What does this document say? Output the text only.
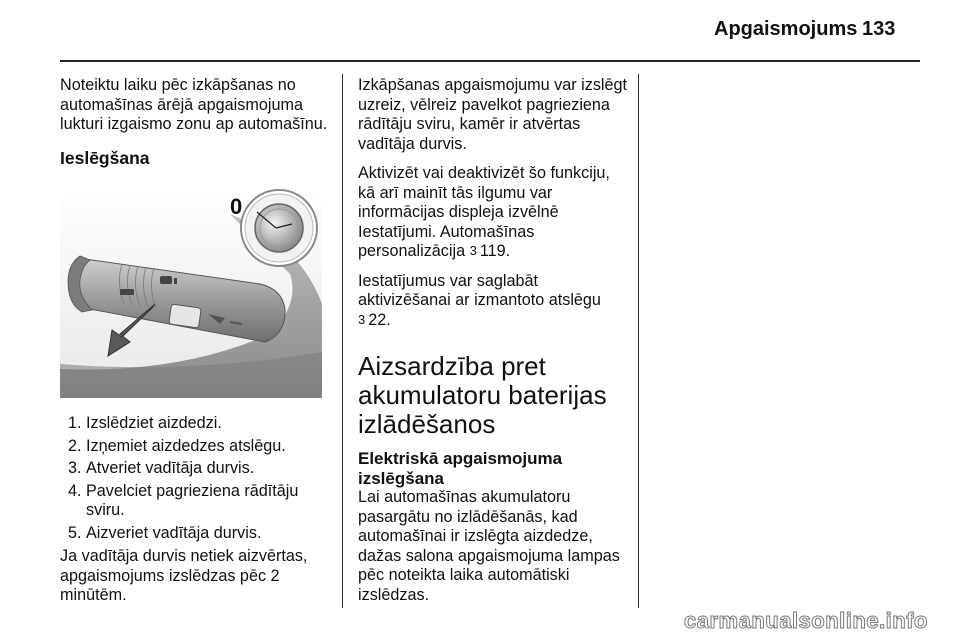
Apgaismojums 133

Noteiktu laiku pēc izkāpšanas no automašīnas ārējā apgaismojuma lukturi izgaismo zonu ap automašīnu.

Ieslēgšana
0
1. Izslēdziet aizdedzi.
2. Izņemiet aizdedzes atslēgu.
3. Atveriet vadītāja durvis.
4. Pavelciet pagrieziena rādītāju sviru.
5. Aizveriet vadītāja durvis.

Ja vadītāja durvis netiek aizvērtas, apgaismojums izslēdzas pēc 2 minūtēm.

Izkāpšanas apgaismojumu var izslēgt uzreiz, vēlreiz pavelkot pagrieziena rādītāju sviru, kamēr ir atvērtas vadītāja durvis.

Aktivizēt vai deaktivizēt šo funkciju, kā arī mainīt tās ilgumu var informācijas displeja izvēlnē Iestatījumi. Automašīnas personalizācija 3 119.

Iestatījumus var saglabāt aktivizēšanai ar izmantoto atslēgu
3 22.

Aizsardzība pret akumulatoru baterijas izlādēšanos
Elektriskā apgaismojuma izslēgšana

Lai automašīnas akumulatoru pasargātu no izlādēšanās, kad automašīnai ir izslēgta aizdedze, dažas salona apgaismojuma lampas pēc noteikta laika automātiski izslēdzas.

carmanualsonline.info
